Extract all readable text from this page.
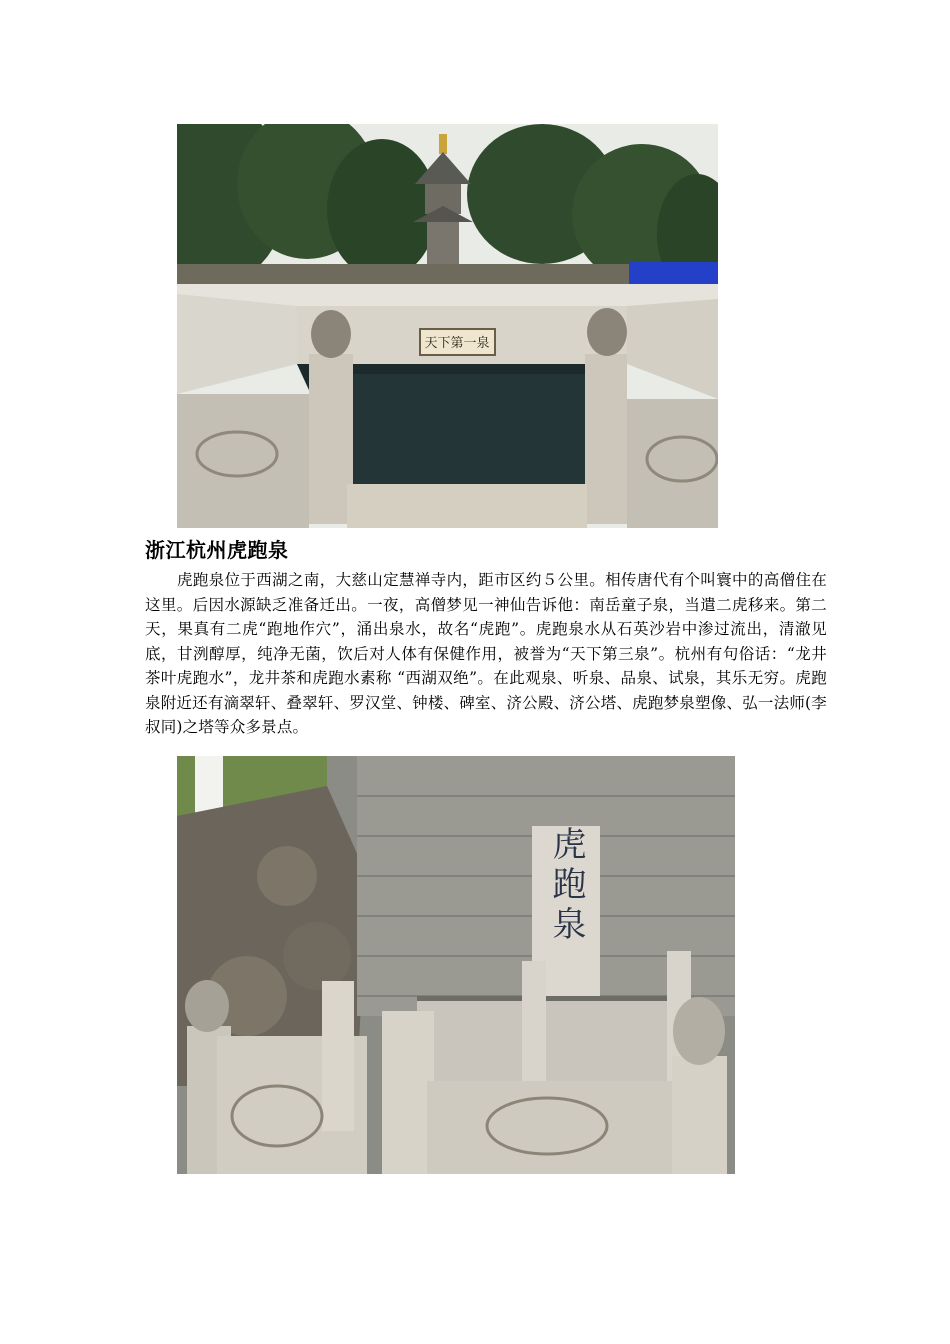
天下第一泉
浙江杭州虎跑泉

虎跑泉位于西湖之南，大慈山定慧禅寺内，距市区约５公里。相传唐代有个叫寰中的高僧住在这里。后因水源缺乏准备迁出。一夜，高僧梦见一神仙告诉他：南岳童子泉，当遣二虎移来。第二天，果真有二虎“跑地作穴”，涌出泉水，故名“虎跑”。虎跑泉水从石英沙岩中渗过流出，清澈见底，甘洌醇厚，纯净无菌，饮后对人体有保健作用，被誉为“天下第三泉”。杭州有句俗话：“龙井茶叶虎跑水”，龙井茶和虎跑水素称 “西湖双绝”。在此观泉、听泉、品泉、试泉，其乐无穷。虎跑泉附近还有滴翠轩、叠翠轩、罗汉堂、钟楼、碑室、济公殿、济公塔、虎跑梦泉塑像、弘一法师(李叔同)之塔等众多景点。

虎跑泉
